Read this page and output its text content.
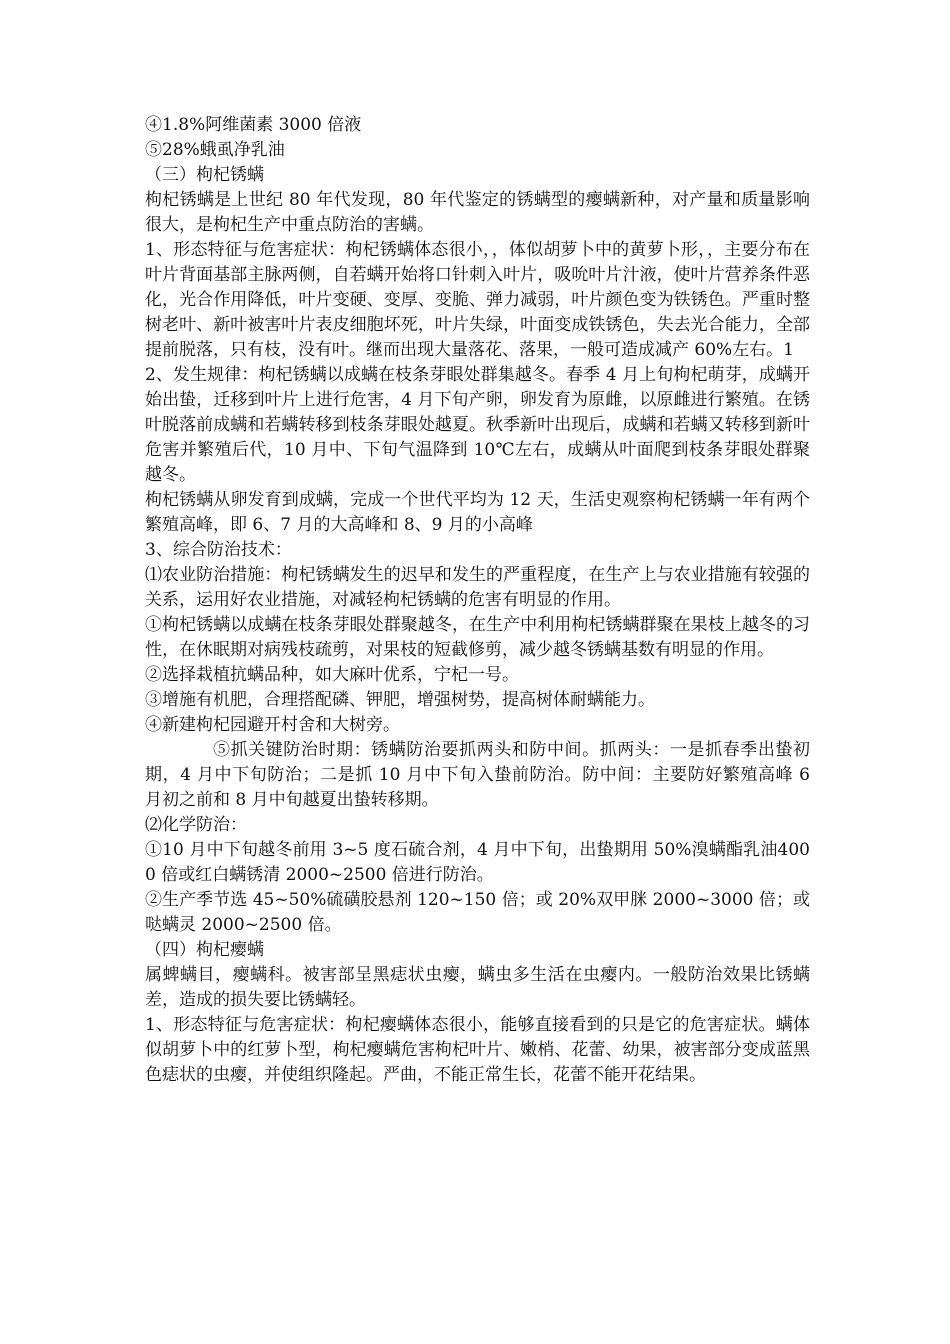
④1.8%阿维菌素 3000 倍液

⑤28%蛾虱净乳油

（三）枸杞锈螨

枸杞锈螨是上世纪 80 年代发现，80 年代鉴定的锈螨型的瘿螨新种，对产量和质量影响很大，是枸杞生产中重点防治的害螨。

1、形态特征与危害症状：枸杞锈螨体态很小，，体似胡萝卜中的黄萝卜形，，主要分布在叶片背面基部主脉两侧，自若螨开始将口针刺入叶片，吸吮叶片汁液，使叶片营养条件恶化，光合作用降低，叶片变硬、变厚、变脆、弹力减弱，叶片颜色变为铁锈色。严重时整树老叶、新叶被害叶片表皮细胞坏死，叶片失绿，叶面变成铁锈色，失去光合能力，全部提前脱落，只有枝，没有叶。继而出现大量落花、落果，一般可造成减产 60%左右。1

2、发生规律：枸杞锈螨以成螨在枝条芽眼处群集越冬。春季 4 月上旬枸杞萌芽，成螨开始出蛰，迁移到叶片上进行危害，4 月下旬产卵，卵发育为原雌，以原雌进行繁殖。在锈叶脱落前成螨和若螨转移到枝条芽眼处越夏。秋季新叶出现后，成螨和若螨又转移到新叶危害并繁殖后代，10 月中、下旬气温降到 10℃左右，成螨从叶面爬到枝条芽眼处群聚越冬。

枸杞锈螨从卵发育到成螨，完成一个世代平均为 12 天，生活史观察枸杞锈螨一年有两个繁殖高峰，即 6、7 月的大高峰和 8、9 月的小高峰

3、综合防治技术：

⑴农业防治措施：枸杞锈螨发生的迟早和发生的严重程度，在生产上与农业措施有较强的关系，运用好农业措施，对减轻枸杞锈螨的危害有明显的作用。

①枸杞锈螨以成螨在枝条芽眼处群聚越冬，在生产中利用枸杞锈螨群聚在果枝上越冬的习性，在休眠期对病残枝疏剪，对果枝的短截修剪，减少越冬锈螨基数有明显的作用。

②选择栽植抗螨品种，如大麻叶优系，宁杞一号。

③增施有机肥，合理搭配磷、钾肥，增强树势，提高树体耐螨能力。

④新建枸杞园避开村舍和大树旁。

⑤抓关键防治时期：锈螨防治要抓两头和防中间。抓两头：一是抓春季出蛰初期，4 月中下旬防治；二是抓 10 月中下旬入蛰前防治。防中间：主要防好繁殖高峰 6 月初之前和 8 月中旬越夏出蛰转移期。

⑵化学防治：

①10 月中下旬越冬前用 3~5 度石硫合剂，4 月中下旬，出蛰期用 50%溴螨酯乳油4000 倍或红白螨锈清 2000~2500 倍进行防治。

②生产季节选 45~50%硫磺胶悬剂 120~150 倍；或 20%双甲脒 2000~3000 倍；或哒螨灵 2000~2500 倍。

（四）枸杞瘿螨

属蜱螨目，瘿螨科。被害部呈黑痣状虫瘿，螨虫多生活在虫瘿内。一般防治效果比锈螨差，造成的损失要比锈螨轻。

1、形态特征与危害症状：枸杞瘿螨体态很小，能够直接看到的只是它的危害症状。螨体似胡萝卜中的红萝卜型，枸杞瘿螨危害枸杞叶片、嫩梢、花蕾、幼果，被害部分变成蓝黑色痣状的虫瘿，并使组织隆起。严曲，不能正常生长，花蕾不能开花结果。
